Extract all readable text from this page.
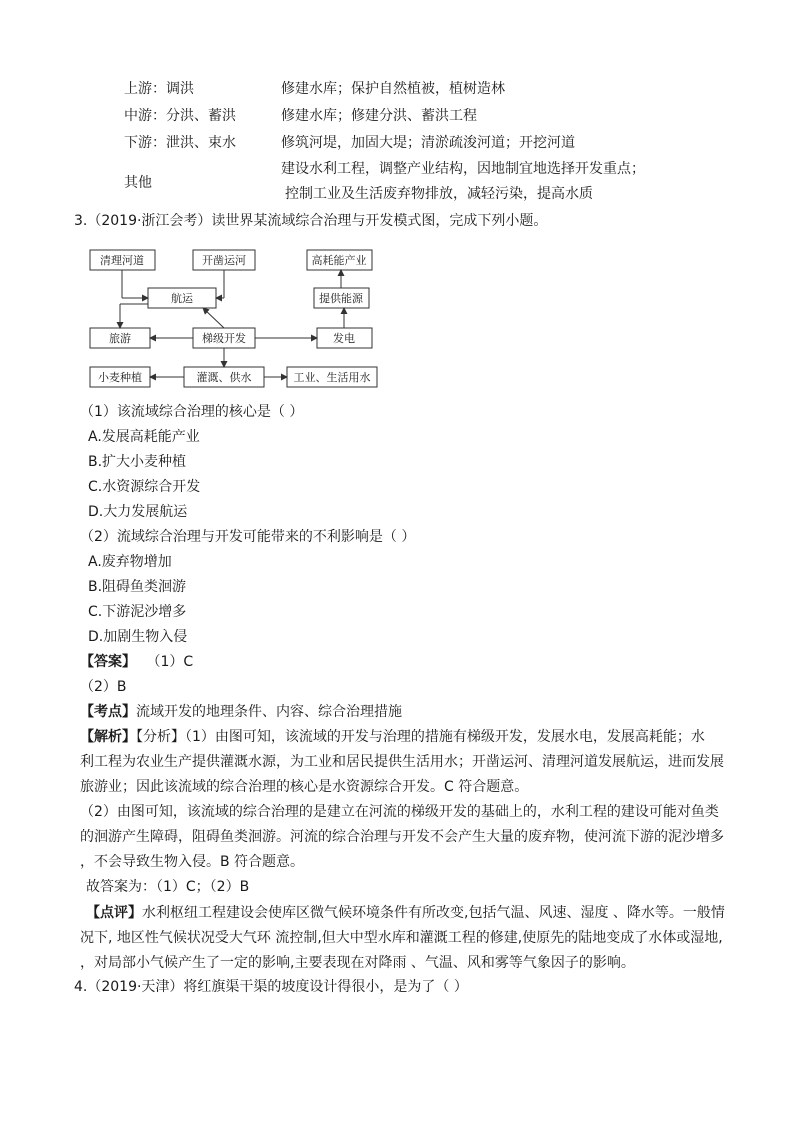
上游：调洪	修建水库；保护自然植被，植树造林
中游：分洪、蓄洪	修建水库；修建分洪、蓄洪工程
下游：泄洪、束水	修筑河堤，加固大堤；清淤疏浚河道；开挖河道
其他
建设水利工程，调整产业结构，因地制宜地选择开发重点；
控制工业及生活废弃物排放，减轻污染，提高水质
3.（2019·浙江会考）读世界某流域综合治理与开发模式图，完成下列小题。
清理河道	开凿运河	高耗能产业
航运	提供能源
旅游	梯级开发	发电
小麦种植	灌溉、供水	工业、生活用水
（1）该流域综合治理的核心是（ ）
A.发展高耗能产业
B.扩大小麦种植
C.水资源综合开发
D.大力发展航运
（2）流域综合治理与开发可能带来的不利影响是（ ）
A.废弃物增加
B.阻碍鱼类洄游
C.下游泥沙增多
D.加剧生物入侵
【答案】 （1）C
（2）B
【考点】流域开发的地理条件、内容、综合治理措施
【解析】【分析】（1）由图可知，该流域的开发与治理的措施有梯级开发，发展水电，发展高耗能；水
利工程为农业生产提供灌溉水源，为工业和居民提供生活用水；开凿运河、清理河道发展航运，进而发展
旅游业；因此该流域的综合治理的核心是水资源综合开发。C 符合题意。
（2）由图可知，该流域的综合治理的是建立在河流的梯级开发的基础上的，水利工程的建设可能对鱼类
的洄游产生障碍，阻碍鱼类洄游。河流的综合治理与开发不会产生大量的废弃物，使河流下游的泥沙增多
，不会导致生物入侵。B 符合题意。
故答案为：（1）C；（2）B
【点评】水利枢纽工程建设会使库区微气候环境条件有所改变,包括气温、风速、湿度 、降水等。一般情
况下, 地区性气候状况受大气环 流控制,但大中型水库和灌溉工程的修建,使原先的陆地变成了水体或湿地,
，对局部小气候产生了一定的影响,主要表现在对降雨 、气温、风和雾等气象因子的影响。
4.（2019·天津）将红旗渠干渠的坡度设计得很小，是为了（ ）
